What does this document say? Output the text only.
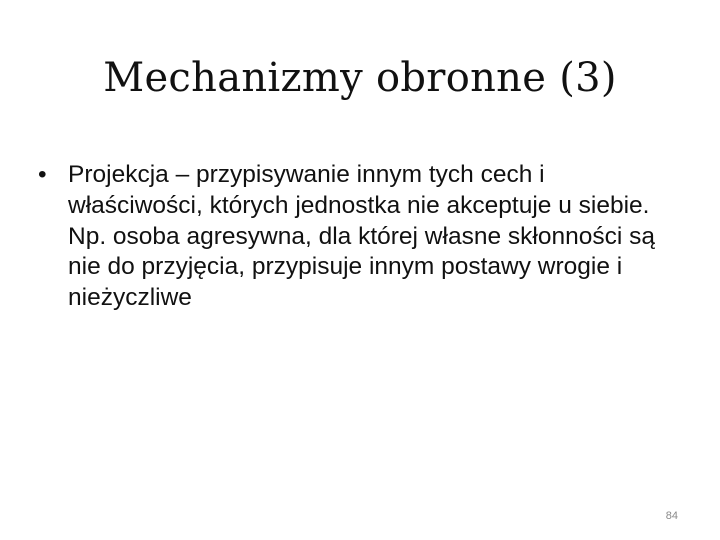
Mechanizmy obronne (3)
• Projekcja – przypisywanie innym tych cech i właściwości, których jednostka nie akceptuje u siebie. Np. osoba agresywna, dla której własne skłonności są nie do przyjęcia, przypisuje innym postawy wrogie i nieżyczliwe
84
